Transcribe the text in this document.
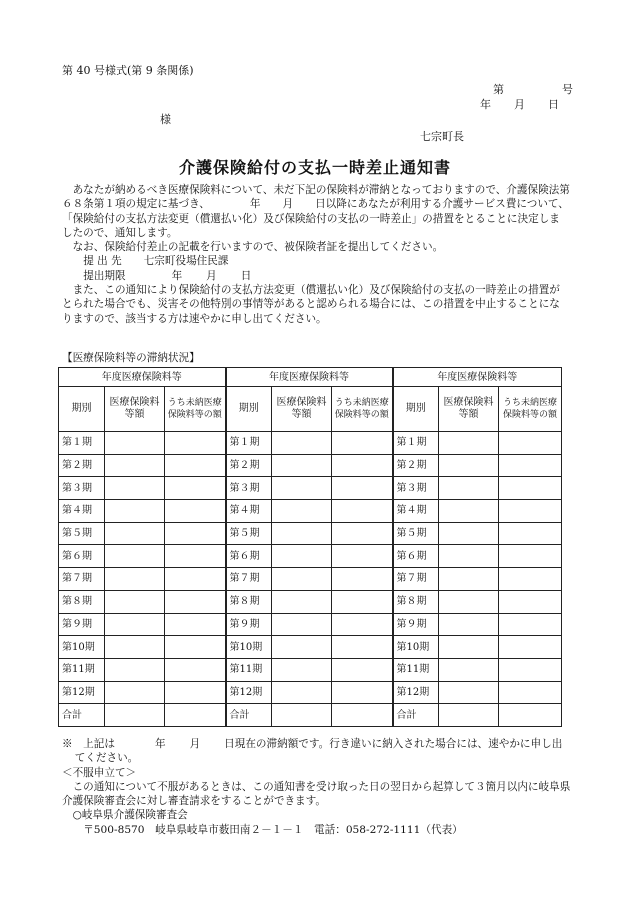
第 40 号様式(第 9 条関係)
第	号
年 月 日
様
七宗町長
介護保険給付の支払一時差止通知書

あなたが納めるべき医療保険料について、未だ下記の保険料が滞納となっておりますので、介護保険法第６８条第１項の規定に基づき、	年 月 日以降にあなたが利用する介護サービス費について、「保険給付の支払方法変更（償還払い化）及び保険給付の支払の一時差止」の措置をとることに決定しましたので、通知します。

なお、保険給付差止の記載を行いますので、被保険者証を提出してください。

提 出 先 七宗町役場住民課

提出期限	年 月 日

また、この通知により保険給付の支払方法変更（償還払い化）及び保険給付の支払の一時差止の措置がとられた場合でも、災害その他特別の事情等があると認められる場合には、この措置を中止することになりますので、該当する方は速やかに申し出てください。

【医療保険料等の滞納状況】
年度医療保険料等			年度医療保険料等			年度医療保険料等		
期別	医療保険料等額	うち未納医療保険料等の額	期別	医療保険料等額	うち未納医療保険料等の額	期別	医療保険料等額	うち未納医療保険料等の額
第１期			第１期			第１期		
第２期			第２期			第２期		
第３期			第３期			第３期		
第４期			第４期			第４期		
第５期			第５期			第５期		
第６期			第６期			第６期		
第７期			第７期			第７期		
第８期			第８期			第８期		
第９期			第９期			第９期		
第10期			第10期			第10期		
第11期			第11期			第11期		
第12期			第12期			第12期		
合計			合計			合計		

※　上記は	年 月 日現在の滞納額です。行き違いに納入された場合には、速やかに申し出てください。

＜不服申立て＞

この通知について不服があるときは、この通知書を受け取った日の翌日から起算して３箇月以内に岐阜県介護保険審査会に対し審査請求をすることができます。

○岐阜県介護保険審査会

〒500-8570　岐阜県岐阜市薮田南２－１－１　電話：058-272-1111（代表）
